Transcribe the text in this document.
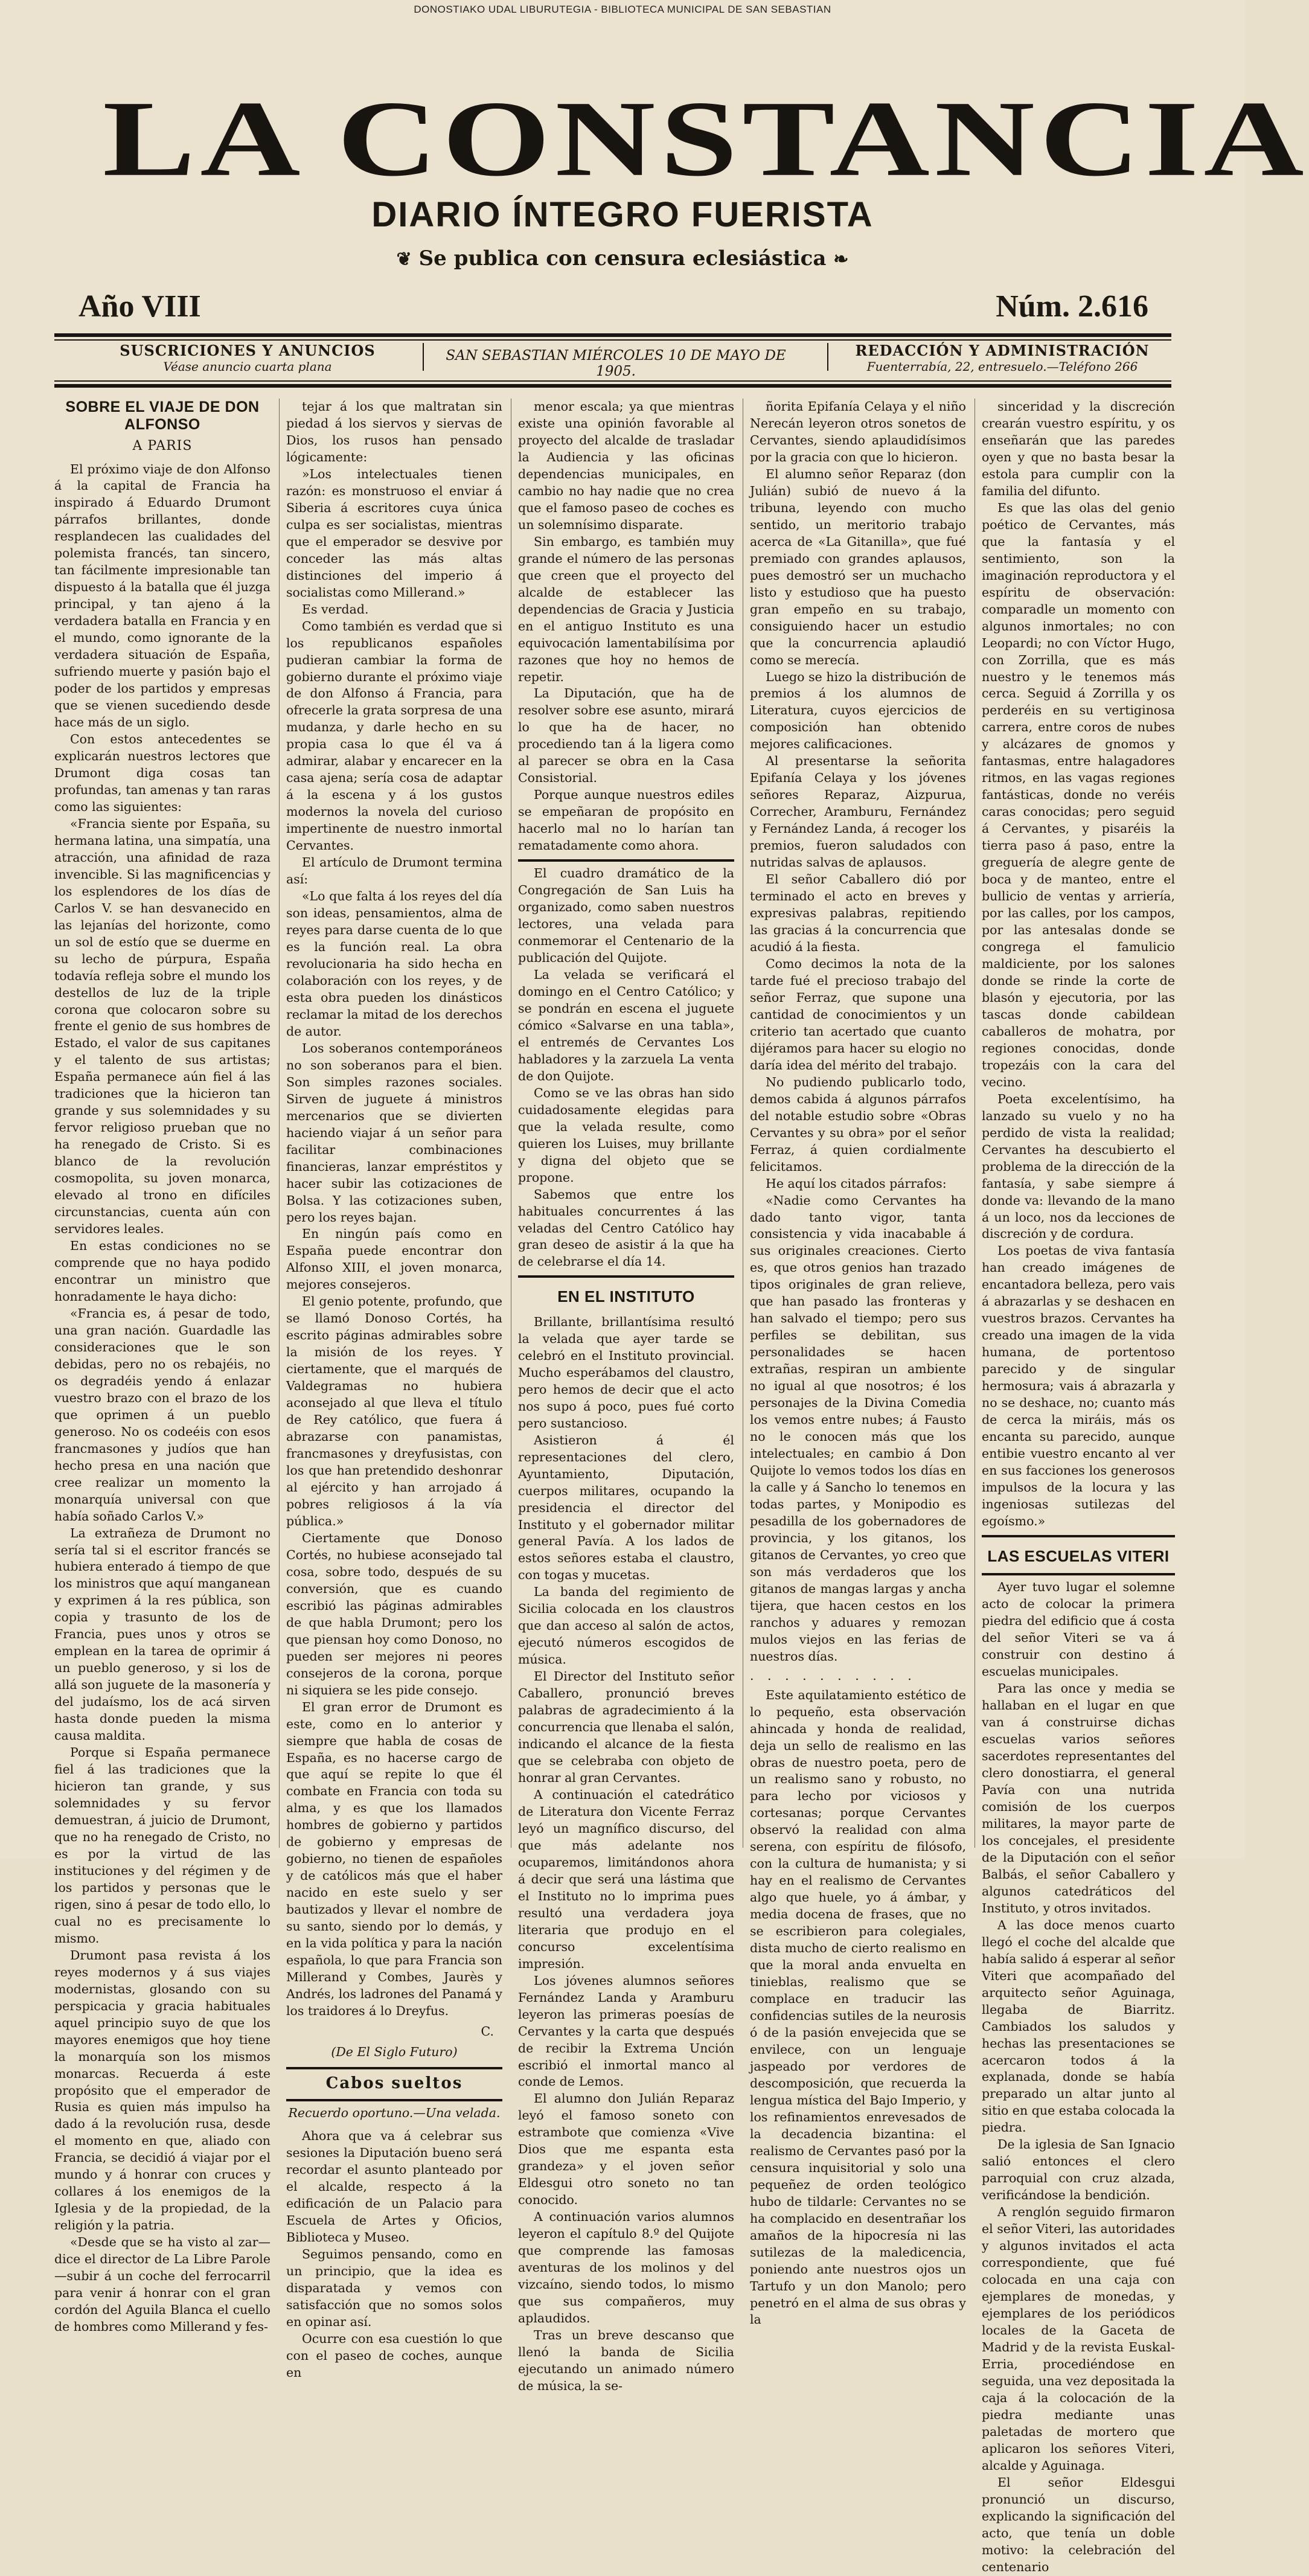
DONOSTIAKO UDAL LIBURUTEGIA - BIBLIOTECA MUNICIPAL DE SAN SEBASTIAN
LA CONSTANCIA
DIARIO ÍNTEGRO FUERISTA
❦ Se publica con censura eclesiástica ❧
Año VIII	Núm. 2.616
SUSCRICIONES Y ANUNCIOS
Véase anuncio cuarta plana
SAN SEBASTIAN MIÉRCOLES 10 DE MAYO DE 1905.
REDACCIÓN Y ADMINISTRACIÓN
Fuenterrabía, 22, entresuelo.—Teléfono 266
SOBRE EL VIAJE DE DON ALFONSO
A PARIS

El próximo viaje de don Alfonso á la capital de Francia ha inspirado á Eduardo Drumont párrafos brillantes, donde resplandecen las cualidades del polemista francés, tan sincero, tan fácilmente impresionable tan dispuesto á la batalla que él juzga principal, y tan ajeno á la verdadera batalla en Francia y en el mundo, como ignorante de la verdadera situación de España, sufriendo muerte y pasión bajo el poder de los partidos y empresas que se vienen sucediendo desde hace más de un siglo.

Con estos antecedentes se explicarán nuestros lectores que Drumont diga cosas tan profundas, tan amenas y tan raras como las siguientes:

«Francia siente por España, su hermana latina, una simpatía, una atracción, una afinidad de raza invencible. Si las magnificencias y los esplendores de los días de Carlos V. se han desvanecido en las lejanías del horizonte, como un sol de estío que se duerme en su lecho de púrpura, España todavía refleja sobre el mundo los destellos de luz de la triple corona que colocaron sobre su frente el genio de sus hombres de Estado, el valor de sus capitanes y el talento de sus artistas; España permanece aún fiel á las tradiciones que la hicieron tan grande y sus solemnidades y su fervor religioso prueban que no ha renegado de Cristo. Si es blanco de la revolución cosmopolita, su joven monarca, elevado al trono en difíciles circunstancias, cuenta aún con servidores leales.

En estas condiciones no se comprende que no haya podido encontrar un ministro que honradamente le haya dicho:

«Francia es, á pesar de todo, una gran nación. Guardadle las consideraciones que le son debidas, pero no os rebajéis, no os degradéis yendo á enlazar vuestro brazo con el brazo de los que oprimen á un pueblo generoso. No os codeéis con esos francmasones y judíos que han hecho presa en una nación que cree realizar un momento la monarquía universal con que había soñado Carlos V.»

La extrañeza de Drumont no sería tal si el escritor francés se hubiera enterado á tiempo de que los ministros que aquí manganean y exprimen á la res pública, son copia y trasunto de los de Francia, pues unos y otros se emplean en la tarea de oprimir á un pueblo generoso, y si los de allá son juguete de la masonería y del judaísmo, los de acá sirven hasta donde pueden la misma causa maldita.

Porque si España permanece fiel á las tradiciones que la hicieron tan grande, y sus solemnidades y su fervor demuestran, á juicio de Drumont, que no ha renegado de Cristo, no es por la virtud de las instituciones y del régimen y de los partidos y personas que le rigen, sino á pesar de todo ello, lo cual no es precisamente lo mismo.

Drumont pasa revista á los reyes modernos y á sus viajes modernistas, glosando con su perspicacia y gracia habituales aquel principio suyo de que los mayores enemigos que hoy tiene la monarquía son los mismos monarcas. Recuerda á este propósito que el emperador de Rusia es quien más impulso ha dado á la revolución rusa, desde el momento en que, aliado con Francia, se decidió á viajar por el mundo y á honrar con cruces y collares á los enemigos de la Iglesia y de la propiedad, de la religión y la patria.

«Desde que se ha visto al zar—dice el director de La Libre Parole—subir á un coche del ferrocarril para venir á honrar con el gran cordón del Aguila Blanca el cuello de hombres como Millerand y fes-

tejar á los que maltratan sin piedad á los siervos y siervas de Dios, los rusos han pensado lógicamente:

»Los intelectuales tienen razón: es monstruoso el enviar á Siberia á escritores cuya única culpa es ser socialistas, mientras que el emperador se desvive por conceder las más altas distinciones del imperio á socialistas como Millerand.»

Es verdad.

Como también es verdad que si los republicanos españoles pudieran cambiar la forma de gobierno durante el próximo viaje de don Alfonso á Francia, para ofrecerle la grata sorpresa de una mudanza, y darle hecho en su propia casa lo que él va á admirar, alabar y encarecer en la casa ajena; sería cosa de adaptar á la escena y á los gustos modernos la novela del curioso impertinente de nuestro inmortal Cervantes.

El artículo de Drumont termina así:

«Lo que falta á los reyes del día son ideas, pensamientos, alma de reyes para darse cuenta de lo que es la función real. La obra revolucionaria ha sido hecha en colaboración con los reyes, y de esta obra pueden los dinásticos reclamar la mitad de los derechos de autor.

Los soberanos contemporáneos no son soberanos para el bien. Son simples razones sociales. Sirven de juguete á ministros mercenarios que se divierten haciendo viajar á un señor para facilitar combinaciones financieras, lanzar empréstitos y hacer subir las cotizaciones de Bolsa. Y las cotizaciones suben, pero los reyes bajan.

En ningún país como en España puede encontrar don Alfonso XIII, el joven monarca, mejores consejeros.

El genio potente, profundo, que se llamó Donoso Cortés, ha escrito páginas admirables sobre la misión de los reyes. Y ciertamente, que el marqués de Valdegramas no hubiera aconsejado al que lleva el título de Rey católico, que fuera á abrazarse con panamistas, francmasones y dreyfusistas, con los que han pretendido deshonrar al ejército y han arrojado á pobres religiosos á la vía pública.»

Ciertamente que Donoso Cortés, no hubiese aconsejado tal cosa, sobre todo, después de su conversión, que es cuando escribió las páginas admirables de que habla Drumont; pero los que piensan hoy como Donoso, no pueden ser mejores ni peores consejeros de la corona, porque ni siquiera se les pide consejo.

El gran error de Drumont es este, como en lo anterior y siempre que habla de cosas de España, es no hacerse cargo de que aquí se repite lo que él combate en Francia con toda su alma, y es que los llamados hombres de gobierno y partidos de gobierno y empresas de gobierno, no tienen de españoles y de católicos más que el haber nacido en este suelo y ser bautizados y llevar el nombre de su santo, siendo por lo demás, y en la vida política y para la nación española, lo que para Francia son Millerand y Combes, Jaurès y Andrés, los ladrones del Panamá y los traidores á lo Dreyfus.

C.
(De El Siglo Futuro)
Cabos sueltos
Recuerdo oportuno.—Una velada.

Ahora que va á celebrar sus sesiones la Diputación bueno será recordar el asunto planteado por el alcalde, respecto á la edificación de un Palacio para Escuela de Artes y Oficios, Biblioteca y Museo.

Seguimos pensando, como en un principio, que la idea es disparatada y vemos con satisfacción que no somos solos en opinar así.

Ocurre con esa cuestión lo que con el paseo de coches, aunque en

menor escala; ya que mientras existe una opinión favorable al proyecto del alcalde de trasladar la Audiencia y las oficinas dependencias municipales, en cambio no hay nadie que no crea que el famoso paseo de coches es un solemnísimo disparate.

Sin embargo, es también muy grande el número de las personas que creen que el proyecto del alcalde de establecer las dependencias de Gracia y Justicia en el antiguo Instituto es una equivocación lamentabilísima por razones que hoy no hemos de repetir.

La Diputación, que ha de resolver sobre ese asunto, mirará lo que ha de hacer, no procediendo tan á la ligera como al parecer se obra en la Casa Consistorial.

Porque aunque nuestros ediles se empeñaran de propósito en hacerlo mal no lo harían tan rematadamente como ahora.

El cuadro dramático de la Congregación de San Luis ha organizado, como saben nuestros lectores, una velada para conmemorar el Centenario de la publicación del Quijote.

La velada se verificará el domingo en el Centro Católico; y se pondrán en escena el juguete cómico «Salvarse en una tabla», el entremés de Cervantes Los habladores y la zarzuela La venta de don Quijote.

Como se ve las obras han sido cuidadosamente elegidas para que la velada resulte, como quieren los Luises, muy brillante y digna del objeto que se propone.

Sabemos que entre los habituales concurrentes á las veladas del Centro Católico hay gran deseo de asistir á la que ha de celebrarse el día 14.

EN EL INSTITUTO

Brillante, brillantísima resultó la velada que ayer tarde se celebró en el Instituto provincial. Mucho esperábamos del claustro, pero hemos de decir que el acto nos supo á poco, pues fué corto pero sustancioso.

Asistieron á él representaciones del clero, Ayuntamiento, Diputación, cuerpos militares, ocupando la presidencia el director del Instituto y el gobernador militar general Pavía. A los lados de estos señores estaba el claustro, con togas y mucetas.

La banda del regimiento de Sicilia colocada en los claustros que dan acceso al salón de actos, ejecutó números escogidos de música.

El Director del Instituto señor Caballero, pronunció breves palabras de agradecimiento á la concurrencia que llenaba el salón, indicando el alcance de la fiesta que se celebraba con objeto de honrar al gran Cervantes.

A continuación el catedrático de Literatura don Vicente Ferraz leyó un magnífico discurso, del que más adelante nos ocuparemos, limitándonos ahora á decir que será una lástima que el Instituto no lo imprima pues resultó una verdadera joya literaria que produjo en el concurso excelentísima impresión.

Los jóvenes alumnos señores Fernández Landa y Aramburu leyeron las primeras poesías de Cervantes y la carta que después de recibir la Extrema Unción escribió el inmortal manco al conde de Lemos.

El alumno don Julián Reparaz leyó el famoso soneto con estrambote que comienza «Vive Dios que me espanta esta grandeza» y el joven señor Eldesgui otro soneto no tan conocido.

A continuación varios alumnos leyeron el capítulo 8.º del Quijote que comprende las famosas aventuras de los molinos y del vizcaíno, siendo todos, lo mismo que sus compañeros, muy aplaudidos.

Tras un breve descanso que llenó la banda de Sicilia ejecutando un animado número de música, la se-

ñorita Epifanía Celaya y el niño Nerecán leyeron otros sonetos de Cervantes, siendo aplaudidísimos por la gracia con que lo hicieron.

El alumno señor Reparaz (don Julián) subió de nuevo á la tribuna, leyendo con mucho sentido, un meritorio trabajo acerca de «La Gitanilla», que fué premiado con grandes aplausos, pues demostró ser un muchacho listo y estudioso que ha puesto gran empeño en su trabajo, consiguiendo hacer un estudio que la concurrencia aplaudió como se merecía.

Luego se hizo la distribución de premios á los alumnos de Literatura, cuyos ejercicios de composición han obtenido mejores calificaciones.

Al presentarse la señorita Epifanía Celaya y los jóvenes señores Reparaz, Aizpurua, Correcher, Aramburu, Fernández y Fernández Landa, á recoger los premios, fueron saludados con nutridas salvas de aplausos.

El señor Caballero dió por terminado el acto en breves y expresivas palabras, repitiendo las gracias á la concurrencia que acudió á la fiesta.

Como decimos la nota de la tarde fué el precioso trabajo del señor Ferraz, que supone una cantidad de conocimientos y un criterio tan acertado que cuanto dijéramos para hacer su elogio no daría idea del mérito del trabajo.

No pudiendo publicarlo todo, demos cabida á algunos párrafos del notable estudio sobre «Obras Cervantes y su obra» por el señor Ferraz, á quien cordialmente felicitamos.

He aquí los citados párrafos:

«Nadie como Cervantes ha dado tanto vigor, tanta consistencia y vida inacabable á sus originales creaciones. Cierto es, que otros genios han trazado tipos originales de gran relieve, que han pasado las fronteras y han salvado el tiempo; pero sus perfiles se debilitan, sus personalidades se hacen extrañas, respiran un ambiente no igual al que nosotros; é los personajes de la Divina Comedia los vemos entre nubes; á Fausto no le conocen más que los intelectuales; en cambio á Don Quijote lo vemos todos los días en la calle y á Sancho lo tenemos en todas partes, y Monipodio es pesadilla de los gobernadores de provincia, y los gitanos, los gitanos de Cervantes, yo creo que son más verdaderos que los gitanos de mangas largas y ancha tijera, que hacen cestos en los ranchos y aduares y remozan mulos viejos en las ferias de nuestros días.

. . . . . . . . . .

Este aquilatamiento estético de lo pequeño, esta observación ahincada y honda de realidad, deja un sello de realismo en las obras de nuestro poeta, pero de un realismo sano y robusto, no para lecho por viciosos y cortesanas; porque Cervantes observó la realidad con alma serena, con espíritu de filósofo, con la cultura de humanista; y si hay en el realismo de Cervantes algo que huele, yo á ámbar, y media docena de frases, que no se escribieron para colegiales, dista mucho de cierto realismo en que la moral anda envuelta en tinieblas, realismo que se complace en traducir las confidencias sutiles de la neurosis ó de la pasión envejecida que se envilece, con un lenguaje jaspeado por verdores de descomposición, que recuerda la lengua mística del Bajo Imperio, y los refinamientos enrevesados de la decadencia bizantina: el realismo de Cervantes pasó por la censura inquisitorial y solo una pequeñez de orden teológico hubo de tildarle: Cervantes no se ha complacido en desentrañar los amaños de la hipocresía ni las sutilezas de la maledicencia, poniendo ante nuestros ojos un Tartufo y un don Manolo; pero penetró en el alma de sus obras y la

sinceridad y la discreción crearán vuestro espíritu, y os enseñarán que las paredes oyen y que no basta besar la estola para cumplir con la familia del difunto.

Es que las olas del genio poético de Cervantes, más que la fantasía y el sentimiento, son la imaginación reproductora y el espíritu de observación: comparadle un momento con algunos inmortales; no con Leopardi; no con Víctor Hugo, con Zorrilla, que es más nuestro y le tenemos más cerca. Seguid á Zorrilla y os perderéis en su vertiginosa carrera, entre coros de nubes y alcázares de gnomos y fantasmas, entre halagadores ritmos, en las vagas regiones fantásticas, donde no veréis caras conocidas; pero seguid á Cervantes, y pisaréis la tierra paso á paso, entre la greguería de alegre gente de boca y de manteo, entre el bullicio de ventas y arriería, por las calles, por los campos, por las antesalas donde se congrega el famulicio maldiciente, por los salones donde se rinde la corte de blasón y ejecutoria, por las tascas donde cabildean caballeros de mohatra, por regiones conocidas, donde tropezáis con la cara del vecino.

Poeta excelentísimo, ha lanzado su vuelo y no ha perdido de vista la realidad; Cervantes ha descubierto el problema de la dirección de la fantasía, y sabe siempre á donde va: llevando de la mano á un loco, nos da lecciones de discreción y de cordura.

Los poetas de viva fantasía han creado imágenes de encantadora belleza, pero vais á abrazarlas y se deshacen en vuestros brazos. Cervantes ha creado una imagen de la vida humana, de portentoso parecido y de singular hermosura; vais á abrazarla y no se deshace, no; cuanto más de cerca la miráis, más os encanta su parecido, aunque entibie vuestro encanto al ver en sus facciones los generosos impulsos de la locura y las ingeniosas sutilezas del egoísmo.»

LAS ESCUELAS VITERI

Ayer tuvo lugar el solemne acto de colocar la primera piedra del edificio que á costa del señor Viteri se va á construir con destino á escuelas municipales.

Para las once y media se hallaban en el lugar en que van á construirse dichas escuelas varios señores sacerdotes representantes del clero donostiarra, el general Pavía con una nutrida comisión de los cuerpos militares, la mayor parte de los concejales, el presidente de la Diputación con el señor Balbás, el señor Caballero y algunos catedráticos del Instituto, y otros invitados.

A las doce menos cuarto llegó el coche del alcalde que había salido á esperar al señor Viteri que acompañado del arquitecto señor Aguinaga, llegaba de Biarritz. Cambiados los saludos y hechas las presentaciones se acercaron todos á la explanada, donde se había preparado un altar junto al sitio en que estaba colocada la piedra.

De la iglesia de San Ignacio salió entonces el clero parroquial con cruz alzada, verificándose la bendición.

A renglón seguido firmaron el señor Viteri, las autoridades y algunos invitados el acta correspondiente, que fué colocada en una caja con ejemplares de monedas, y ejemplares de los periódicos locales de la Gaceta de Madrid y de la revista Euskal-Erria, procediéndose en seguida, una vez depositada la caja á la colocación de la piedra mediante unas paletadas de mortero que aplicaron los señores Viteri, alcalde y Aguinaga.

El señor Eldesgui pronunció un discurso, explicando la significación del acto, que tenía un doble motivo: la celebración del centenario
